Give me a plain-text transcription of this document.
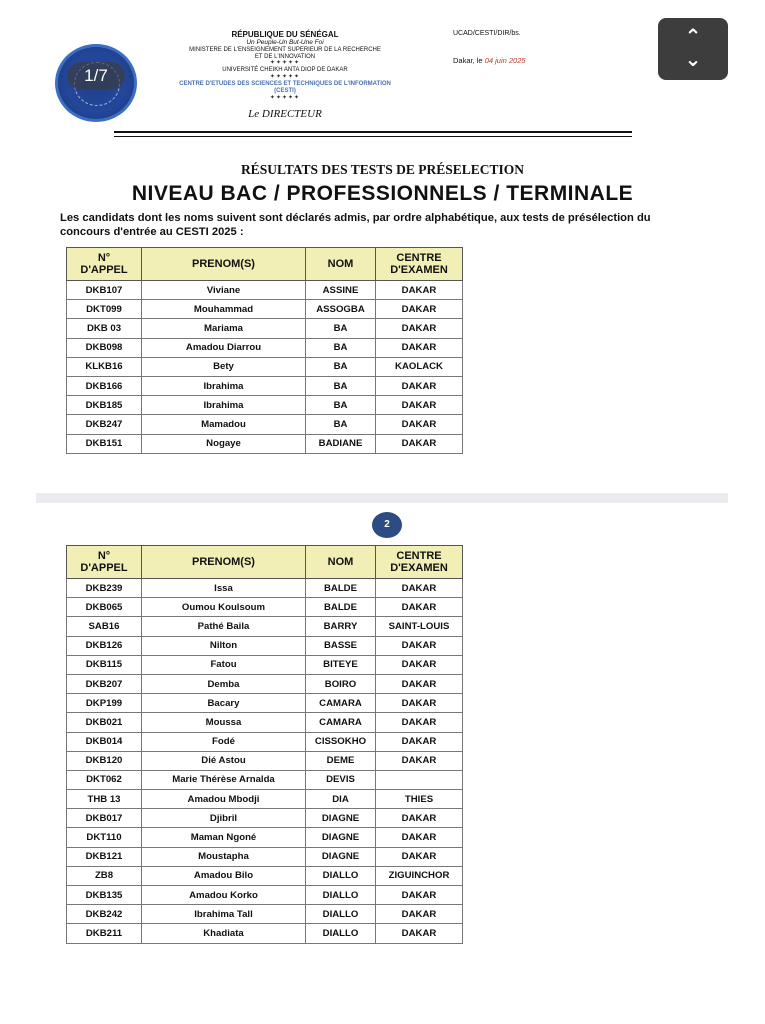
1/7
RÉPUBLIQUE DU SÉNÉGAL
Un Peuple-Un But-Une Foi
MINISTERE DE L'ENSEIGNEMENT SUPERIEUR DE LA RECHERCHE
ET DE L'INNOVATION
✦✦✦✦✦
UNIVERSITÉ CHEIKH ANTA DIOP DE DAKAR
✦✦✦✦✦
CENTRE D'ETUDES DES SCIENCES ET TECHNIQUES DE L'INFORMATION
(CESTI)
✦✦✦✦✦
Le DIRECTEUR
UCAD/CESTI/DIR/bs.
Dakar, le 04 juin 2025
⌃
⌄
RÉSULTATS DES TESTS DE PRÉSELECTION
NIVEAU BAC / PROFESSIONNELS / TERMINALE
Les candidats dont les noms suivent sont déclarés admis, par ordre alphabétique, aux tests de présélection du concours d'entrée au CESTI 2025 :
N°
D'APPEL	PRENOM(S)	NOM	CENTRE
D'EXAMEN
DKB107	Viviane	ASSINE	DAKAR
DKT099	Mouhammad	ASSOGBA	DAKAR
DKB 03	Mariama	BA	DAKAR
DKB098	Amadou Diarrou	BA	DAKAR
KLKB16	Bety	BA	KAOLACK
DKB166	Ibrahima	BA	DAKAR
DKB185	Ibrahima	BA	DAKAR
DKB247	Mamadou	BA	DAKAR
DKB151	Nogaye	BADIANE	DAKAR
2
N°
D'APPEL	PRENOM(S)	NOM	CENTRE
D'EXAMEN
DKB239	Issa	BALDE	DAKAR
DKB065	Oumou Koulsoum	BALDE	DAKAR
SAB16	Pathé Baila	BARRY	SAINT-LOUIS
DKB126	Nilton	BASSE	DAKAR
DKB115	Fatou	BITEYE	DAKAR
DKB207	Demba	BOIRO	DAKAR
DKP199	Bacary	CAMARA	DAKAR
DKB021	Moussa	CAMARA	DAKAR
DKB014	Fodé	CISSOKHO	DAKAR
DKB120	Dié Astou	DEME	DAKAR
DKT062	Marie Thérèse Arnalda	DEVIS	
THB 13	Amadou Mbodji	DIA	THIES
DKB017	Djibril	DIAGNE	DAKAR
DKT110	Maman Ngoné	DIAGNE	DAKAR
DKB121	Moustapha	DIAGNE	DAKAR
ZB8	Amadou Bilo	DIALLO	ZIGUINCHOR
DKB135	Amadou Korko	DIALLO	DAKAR
DKB242	Ibrahima Tall	DIALLO	DAKAR
DKB211	Khadiata	DIALLO	DAKAR
